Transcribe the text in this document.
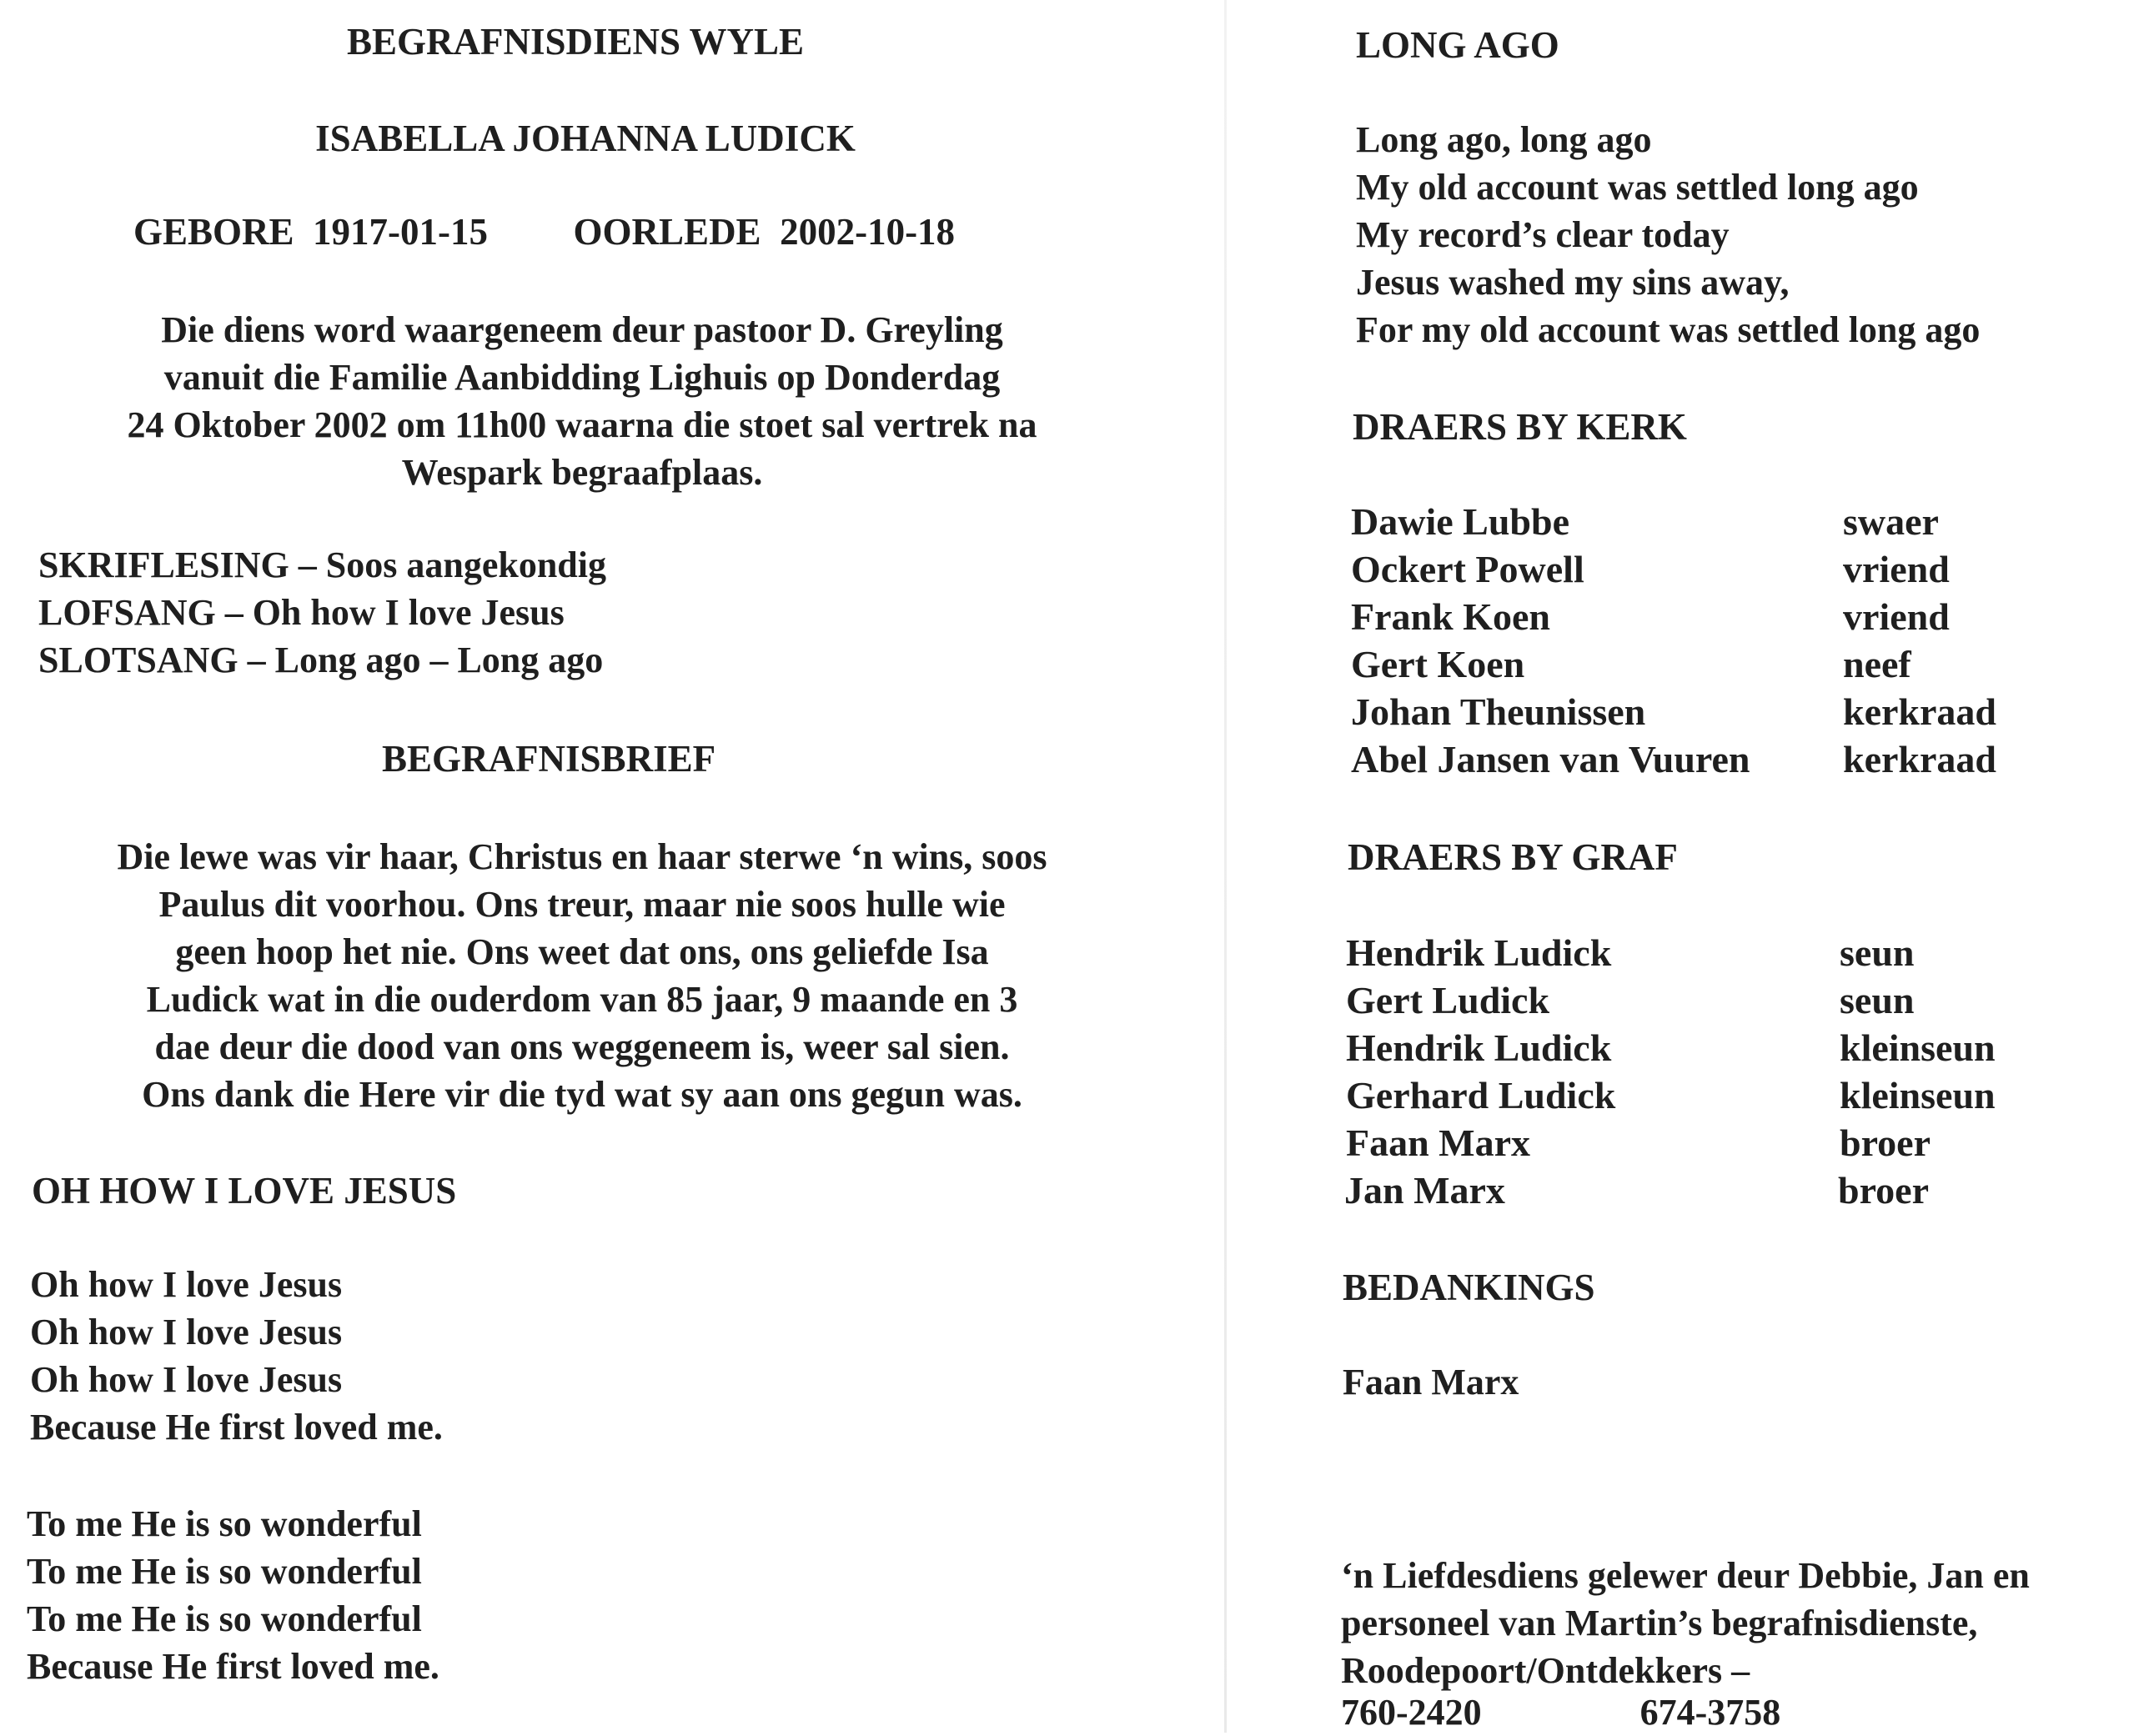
BEGRAFNISDIENS WYLE
ISABELLA JOHANNA LUDICK
GEBORE 1917-01-15 OORLEDE 2002-10-18
Die diens word waargeneem deur pastoor D. Greyling
vanuit die Familie Aanbidding Lighuis op Donderdag
24 Oktober 2002 om 11h00 waarna die stoet sal vertrek na
Wespark begraafplaas.
SKRIFLESING – Soos aangekondig
LOFSANG – Oh how I love Jesus
SLOTSANG – Long ago – Long ago
BEGRAFNISBRIEF
Die lewe was vir haar, Christus en haar sterwe ‘n wins, soos
Paulus dit voorhou. Ons treur, maar nie soos hulle wie
geen hoop het nie. Ons weet dat ons, ons geliefde Isa
Ludick wat in die ouderdom van 85 jaar, 9 maande en 3
dae deur die dood van ons weggeneem is, weer sal sien.
Ons dank die Here vir die tyd wat sy aan ons gegun was.
OH HOW I LOVE JESUS
Oh how I love Jesus
Oh how I love Jesus
Oh how I love Jesus
Because He first loved me.
To me He is so wonderful
To me He is so wonderful
To me He is so wonderful
Because He first loved me.
LONG AGO
Long ago, long ago
My old account was settled long ago
My record’s clear today
Jesus washed my sins away,
For my old account was settled long ago
DRAERS BY KERK
Dawie Lubbe	swaer
Ockert Powell	vriend
Frank Koen	vriend
Gert Koen	neef
Johan Theunissen	kerkraad
Abel Jansen van Vuuren kerkraad
DRAERS BY GRAF
Hendrik Ludick	seun
Gert Ludick	seun
Hendrik Ludick	kleinseun
Gerhard Ludick	kleinseun
Faan Marx	broer
Jan Marx	broer
BEDANKINGS
Faan Marx
‘n Liefdesdiens gelewer deur Debbie, Jan en
personeel van Martin’s begrafnisdienste,
Roodepoort/Ontdekkers –
760-2420	674-3758
